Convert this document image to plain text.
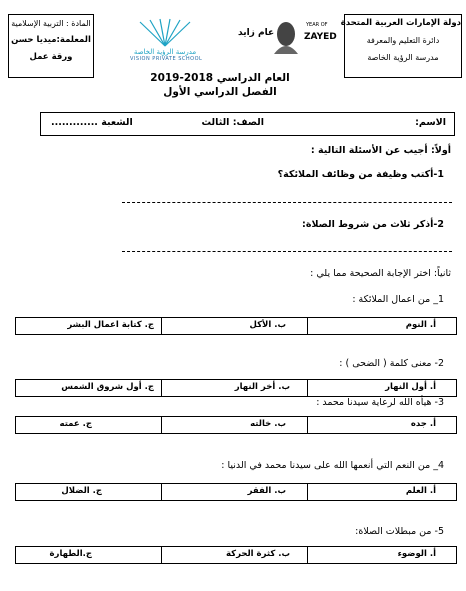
دولة الإمارات العربية المتحدة
دائرة التعليم والمعرفة
مدرسة الرؤية الخاصة
YEAR OF
ZAYED
عام زايد
مدرسة الرؤية الخاصة
VISION PRIVATE SCHOOL
المادة : التربية الإسلامية
المعلمة:ميديا حسن
ورقة عمل
العام الدراسي 2018-2019
الفصل الدراسي الأول
الاسم:
الصف: الثالث
الشعبة .............
أولاً: أجيب عن الأسئلة التالية :
1-أكتب وظيفة من وظائف الملائكة؟
2-أذكر ثلاث من شروط الصلاة:
ثانياً: اختر الإجابة الصحيحة مما يلي :
1_ من اعمال الملائكة :
أ. النوم
ب. الأكل
ج. كتابة اعمال البشر
2- معنى كلمة ( الضحى ) :
أ. أول النهار
ب. أخر النهار
ج. أول شروق الشمس
3- هيأه الله لرعاية سيدنا محمد :
أ. جده
ب. خالته
ج. عمته
4_ من النعم التي أنعمها الله على سيدنا محمد في الدنيا :
أ. العلم
ب. الفقر
ج. الضلال
5- من مبطلات الصلاة:
أ. الوضوء
ب. كثرة الحركة
ج.الطهارة
